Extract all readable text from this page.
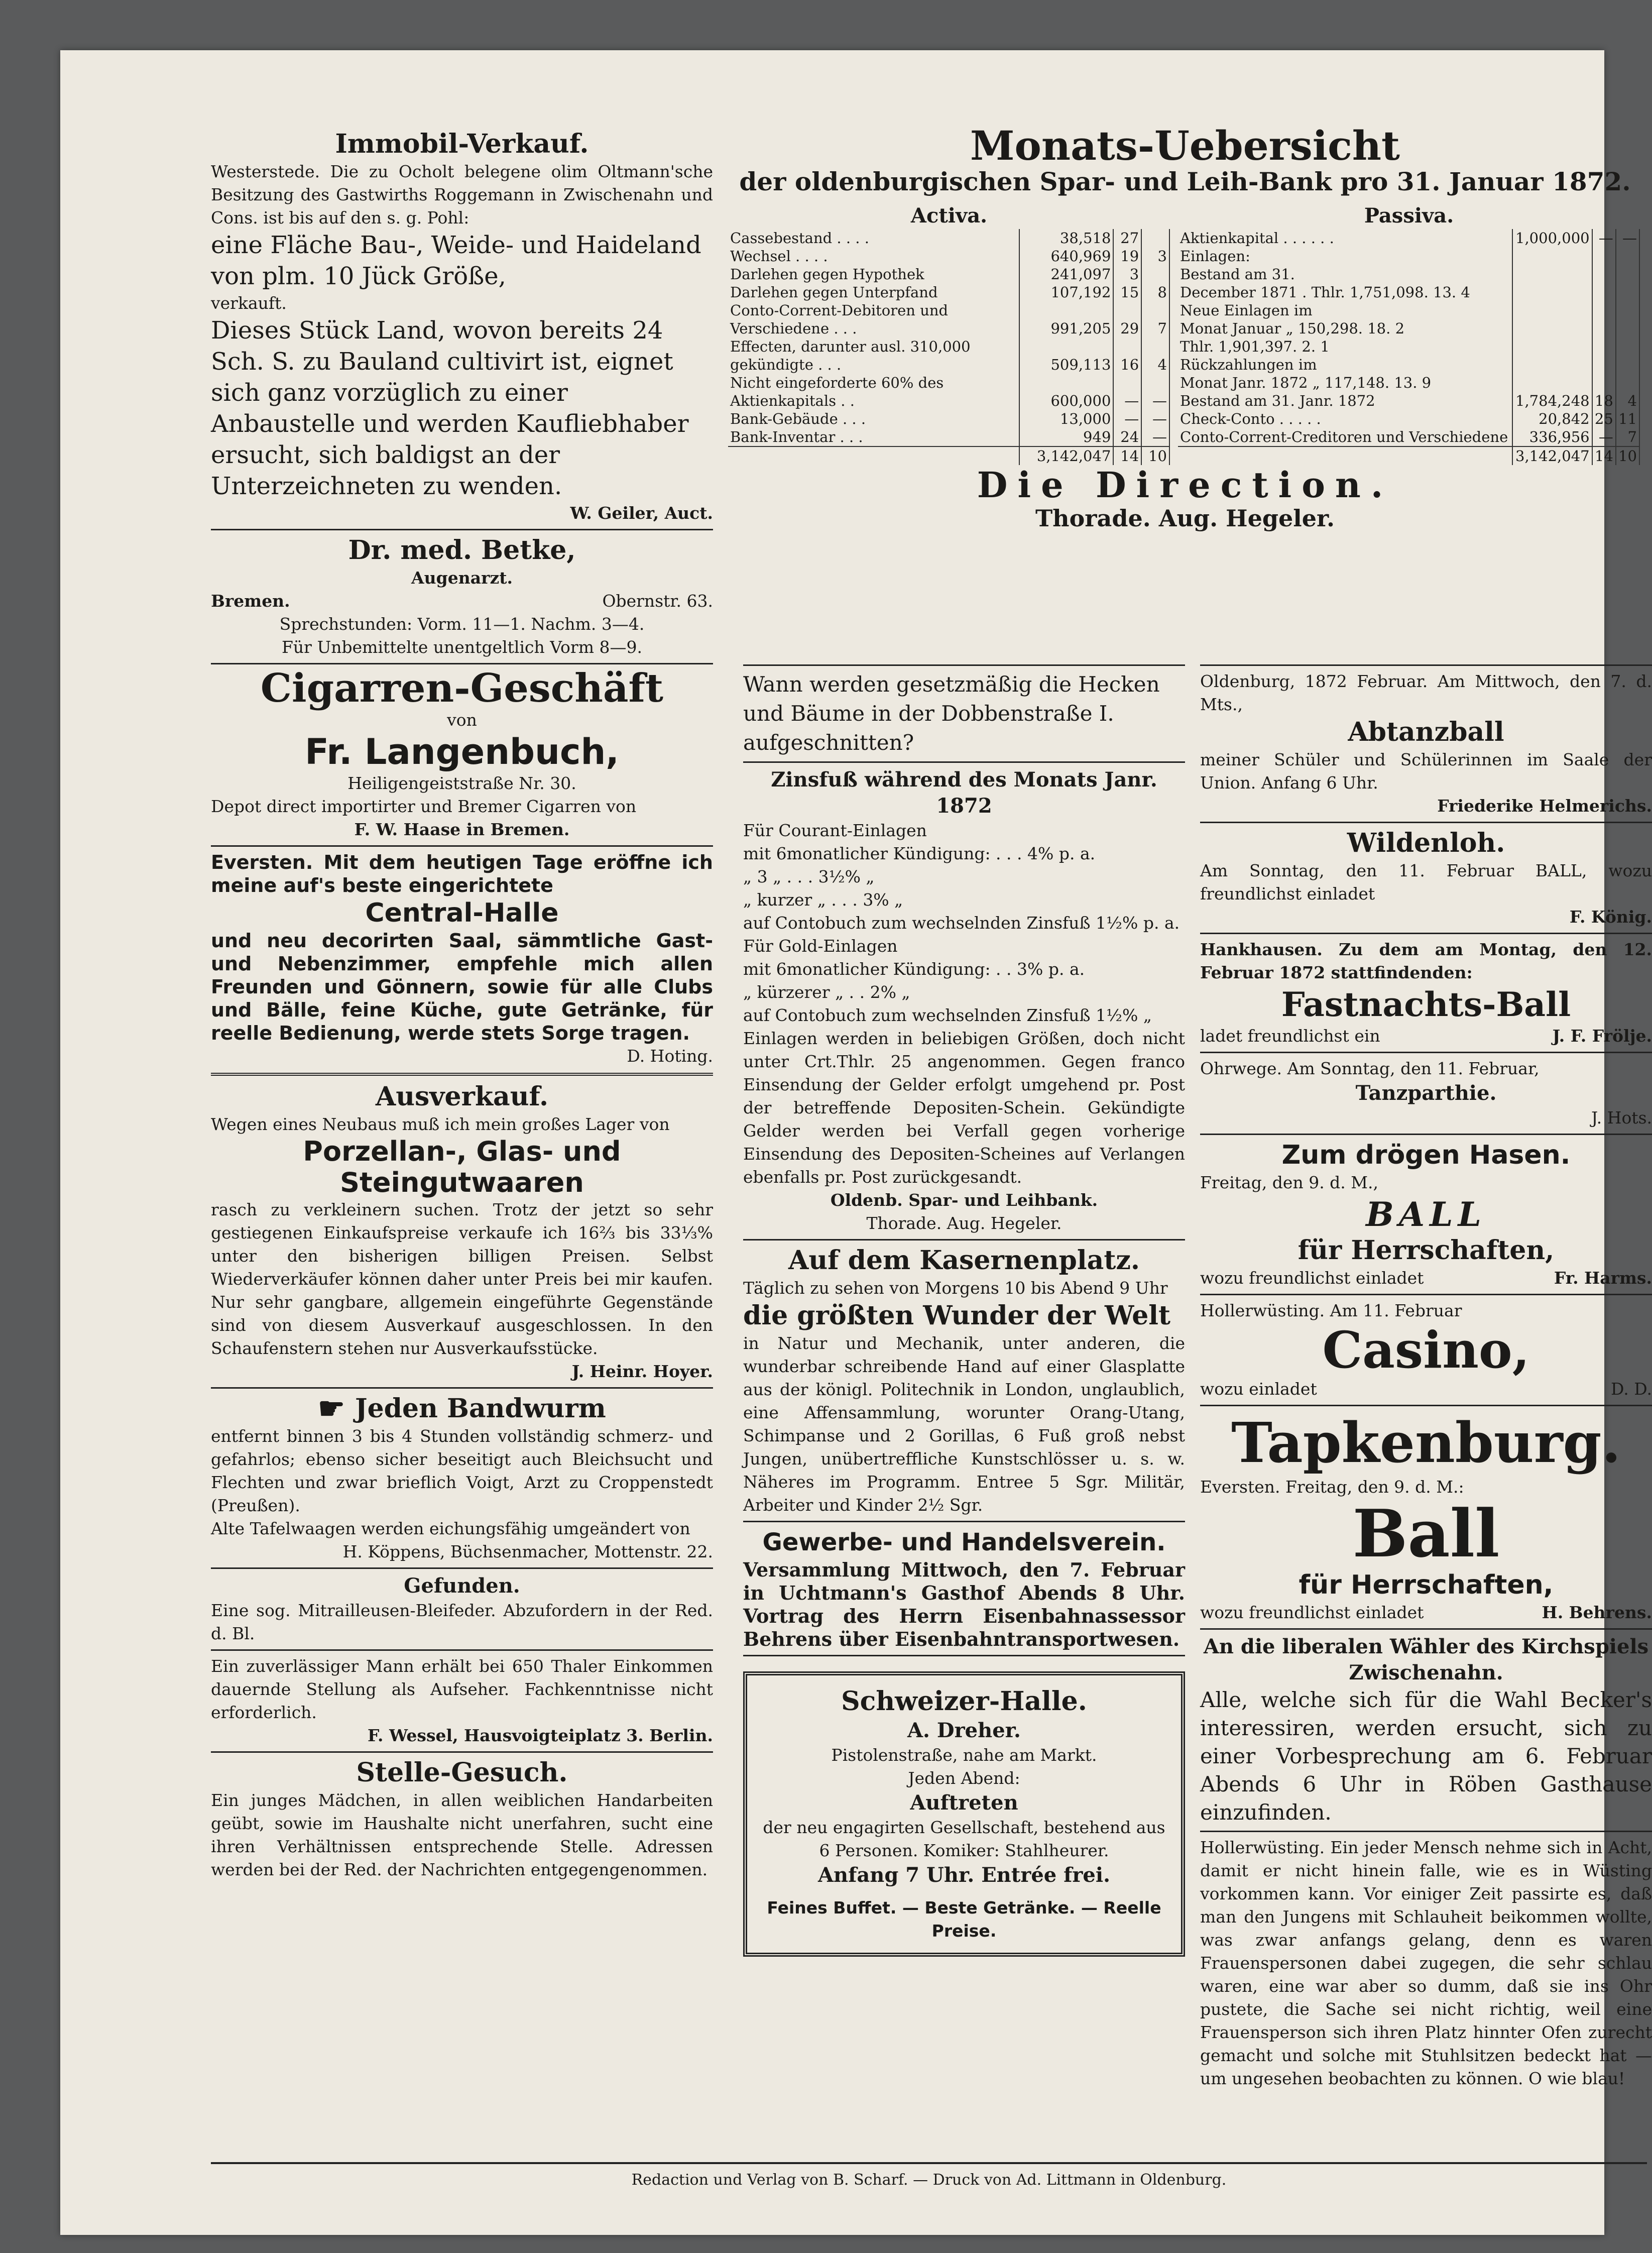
Immobil-Verkauf.

Westerstede. Die zu Ocholt belegene olim Oltmann'sche Besitzung des Gastwirths Roggemann in Zwischenahn und Cons. ist bis auf den s. g. Pohl:

eine Fläche Bau-, Weide- und Haideland von plm. 10 Jück Größe,

verkauft.

Dieses Stück Land, wovon bereits 24 Sch. S. zu Bauland cultivirt ist, eignet sich ganz vorzüglich zu einer Anbaustelle und werden Kaufliebhaber ersucht, sich baldigst an der Unterzeichneten zu wenden.

W. Geiler, Auct.

Dr. med. Betke,

Augenarzt.

Bremen.	Obernstr. 63.

Sprechstunden: Vorm. 11—1. Nachm. 3—4.

Für Unbemittelte unentgeltlich Vorm 8—9.

Cigarren-Geschäft

von

Fr. Langenbuch,

Heiligengeiststraße Nr. 30.

Depot direct importirter und Bremer Cigarren von

F. W. Haase in Bremen.

Eversten. Mit dem heutigen Tage eröffne ich meine auf's beste eingerichtete

Central-Halle

und neu decorirten Saal, sämmtliche Gast- und Nebenzimmer, empfehle mich allen Freunden und Gönnern, sowie für alle Clubs und Bälle, feine Küche, gute Getränke, für reelle Bedienung, werde stets Sorge tragen.

D. Hoting.

Ausverkauf.

Wegen eines Neubaus muß ich mein großes Lager von

Porzellan-, Glas- und Steingutwaaren

rasch zu verkleinern suchen. Trotz der jetzt so sehr gestiegenen Einkaufspreise verkaufe ich 16⅔ bis 33⅓% unter den bisherigen billigen Preisen. Selbst Wiederverkäufer können daher unter Preis bei mir kaufen. Nur sehr gangbare, allgemein eingeführte Gegenstände sind von diesem Ausverkauf ausgeschlossen. In den Schaufenstern stehen nur Ausverkaufsstücke.

J. Heinr. Hoyer.

☛ Jeden Bandwurm

entfernt binnen 3 bis 4 Stunden vollständig schmerz- und gefahrlos; ebenso sicher beseitigt auch Bleichsucht und Flechten und zwar brieflich Voigt, Arzt zu Croppenstedt (Preußen).

Alte Tafelwaagen werden eichungsfähig umgeändert von

H. Köppens, Büchsenmacher, Mottenstr. 22.

Gefunden.

Eine sog. Mitrailleusen-Bleifeder. Abzufordern in der Red. d. Bl.

Ein zuverlässiger Mann erhält bei 650 Thaler Einkommen dauernde Stellung als Aufseher. Fachkenntnisse nicht erforderlich.

F. Wessel, Hausvoigteiplatz 3. Berlin.

Stelle-Gesuch.

Ein junges Mädchen, in allen weiblichen Handarbeiten geübt, sowie im Haushalte nicht unerfahren, sucht eine ihren Verhältnissen entsprechende Stelle. Adressen werden bei der Red. der Nachrichten entgegengenommen.

Monats-Uebersicht
der oldenburgischen Spar- und Leih-Bank pro 31. Januar 1872.
Activa.
Cassebestand . . . .	38,518	27	
Wechsel . . . .	640,969	19	3
Darlehen gegen Hypothek	241,097	3	
Darlehen gegen Unterpfand	107,192	15	8
Conto-Corrent-Debitoren und			
Verschiedene . . .	991,205	29	7
Effecten, darunter ausl. 310,000			
gekündigte . . .	509,113	16	4
Nicht eingeforderte 60% des			
Aktienkapitals . .	600,000	—	—
Bank-Gebäude . . .	13,000	—	—
Bank-Inventar . . .	949	24	—
	3,142,047	14	10
Passiva.
Aktienkapital . . . . . .	1,000,000	—	—
Einlagen:			
Bestand am 31.			
December 1871 . Thlr. 1,751,098. 13. 4			
Neue Einlagen im			
Monat Januar „ 150,298. 18. 2			
Thlr. 1,901,397. 2. 1			
Rückzahlungen im			
Monat Janr. 1872 „ 117,148. 13. 9			
Bestand am 31. Janr. 1872	1,784,248	18	4
Check-Conto . . . . .	20,842	25	11
Conto-Corrent-Creditoren und Verschiedene	336,956	—	7
	3,142,047	14	10
Die Direction.
Thorade. Aug. Hegeler.

Wann werden gesetzmäßig die Hecken und Bäume in der Dobbenstraße I. aufgeschnitten?

Zinsfuß während des Monats Janr. 1872

Für Courant-Einlagen

mit 6monatlicher Kündigung: . . . 4% p. a.

„ 3 „ . . . 3½% „

„ kurzer „ . . . 3% „

auf Contobuch zum wechselnden Zinsfuß 1½% p. a.

Für Gold-Einlagen

mit 6monatlicher Kündigung: . . 3% p. a.

„ kürzerer „ . . 2% „

auf Contobuch zum wechselnden Zinsfuß 1½% „

Einlagen werden in beliebigen Größen, doch nicht unter Crt.Thlr. 25 angenommen. Gegen franco Einsendung der Gelder erfolgt umgehend pr. Post der betreffende Depositen-Schein. Gekündigte Gelder werden bei Verfall gegen vorherige Einsendung des Depositen-Scheines auf Verlangen ebenfalls pr. Post zurückgesandt.

Oldenb. Spar- und Leihbank.

Thorade. Aug. Hegeler.

Auf dem Kasernenplatz.

Täglich zu sehen von Morgens 10 bis Abend 9 Uhr

die größten Wunder der Welt

in Natur und Mechanik, unter anderen, die wunderbar schreibende Hand auf einer Glasplatte aus der königl. Politechnik in London, unglaublich, eine Affensammlung, worunter Orang-Utang, Schimpanse und 2 Gorillas, 6 Fuß groß nebst Jungen, unübertreffliche Kunstschlösser u. s. w. Näheres im Programm. Entree 5 Sgr. Militär, Arbeiter und Kinder 2½ Sgr.

Gewerbe- und Handelsverein.

Versammlung Mittwoch, den 7. Februar in Uchtmann's Gasthof Abends 8 Uhr. Vortrag des Herrn Eisenbahnassessor Behrens über Eisenbahntransportwesen.

Schweizer-Halle.
A. Dreher.

Pistolenstraße, nahe am Markt.

Jeden Abend:

Auftreten

der neu engagirten Gesellschaft, bestehend aus 6 Personen. Komiker: Stahlheurer.

Anfang 7 Uhr. Entrée frei.

Feines Buffet. — Beste Getränke. — Reelle Preise.

Oldenburg, 1872 Februar. Am Mittwoch, den 7. d. Mts.,

Abtanzball

meiner Schüler und Schülerinnen im Saale der Union. Anfang 6 Uhr.

Friederike Helmerichs.

Wildenloh.

Am Sonntag, den 11. Februar BALL, wozu freundlichst einladet

F. König.

Hankhausen. Zu dem am Montag, den 12. Februar 1872 stattfindenden:

Fastnachts-Ball

ladet freundlichst ein	J. F. Frölje.

Ohrwege. Am Sonntag, den 11. Februar,

Tanzparthie.

J. Hots.

Zum drögen Hasen.

Freitag, den 9. d. M.,

BALL
für Herrschaften,

wozu freundlichst einladet	Fr. Harms.

Hollerwüsting. Am 11. Februar

Casino,

wozu einladet	D. D.

Tapkenburg.

Eversten. Freitag, den 9. d. M.:

Ball
für Herrschaften,

wozu freundlichst einladet	H. Behrens.

An die liberalen Wähler des Kirchspiels Zwischenahn.

Alle, welche sich für die Wahl Becker's interessiren, werden ersucht, sich zu einer Vorbesprechung am 6. Februar Abends 6 Uhr in Röben Gasthause einzufinden.

Hollerwüsting. Ein jeder Mensch nehme sich in Acht, damit er nicht hinein falle, wie es in Wüsting vorkommen kann. Vor einiger Zeit passirte es, daß man den Jungens mit Schlauheit beikommen wollte, was zwar anfangs gelang, denn es waren Frauenspersonen dabei zugegen, die sehr schlau waren, eine war aber so dumm, daß sie ins Ohr pustete, die Sache sei nicht richtig, weil eine Frauensperson sich ihren Platz hinnter Ofen zurecht gemacht und solche mit Stuhlsitzen bedeckt hat — um ungesehen beobachten zu können. O wie blau!

Redaction und Verlag von B. Scharf. — Druck von Ad. Littmann in Oldenburg.
